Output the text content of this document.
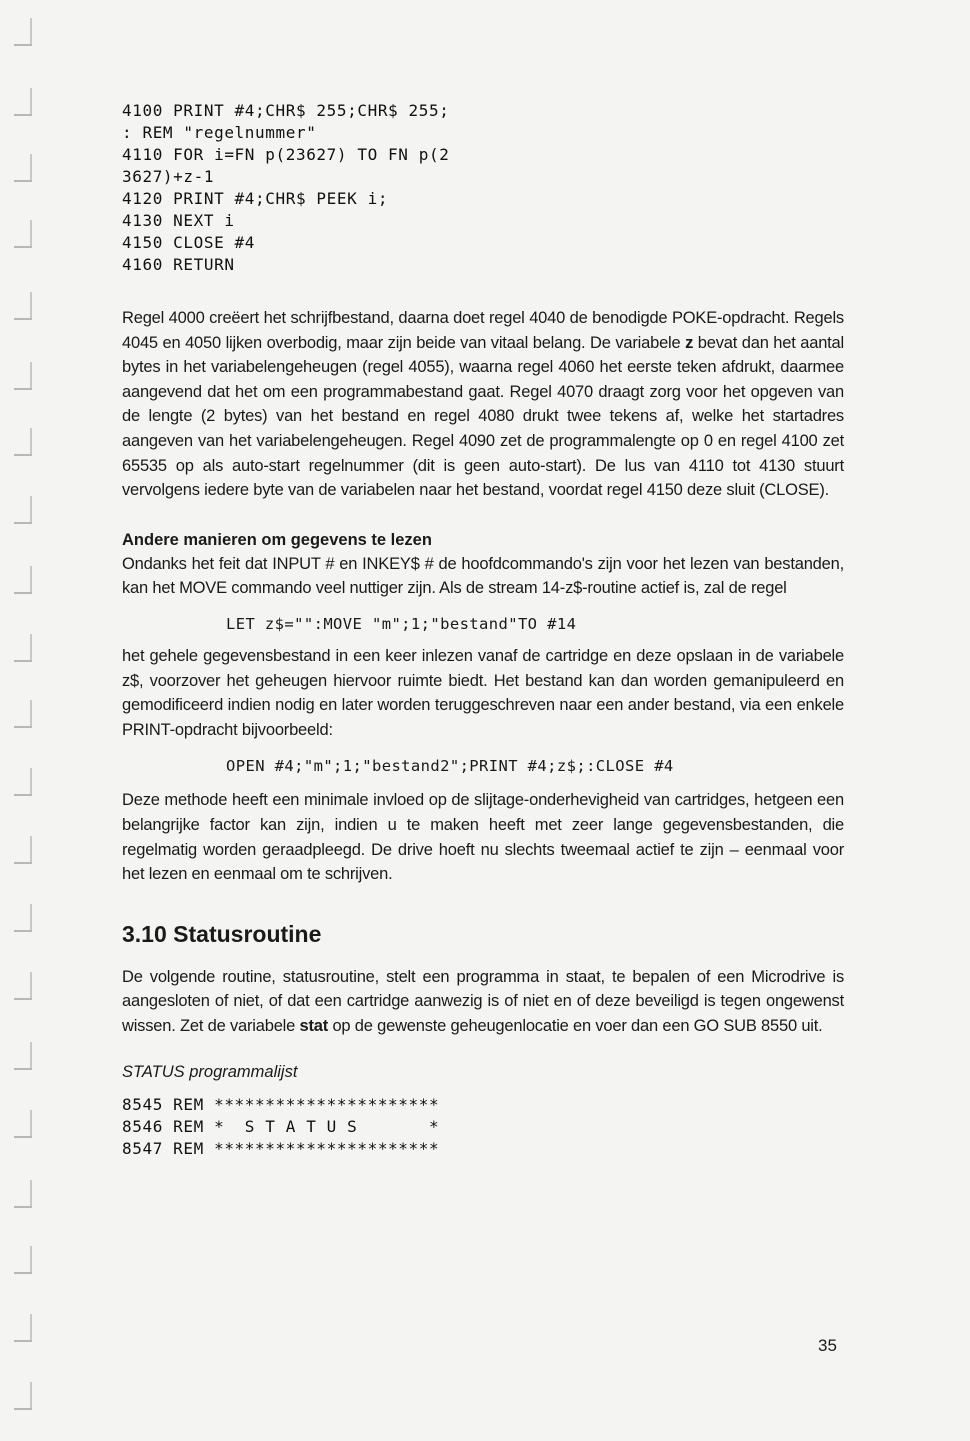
4100 PRINT #4;CHR$ 255;CHR$ 255;
: REM "regelnummer"
4110 FOR i=FN p(23627) TO FN p(2
3627)+z-1
4120 PRINT #4;CHR$ PEEK i;
4130 NEXT i
4150 CLOSE #4
4160 RETURN

Regel 4000 creëert het schrijfbestand, daarna doet regel 4040 de benodigde POKE-opdracht. Regels 4045 en 4050 lijken overbodig, maar zijn beide van vitaal belang. De variabele z bevat dan het aantal bytes in het variabelengeheugen (regel 4055), waarna regel 4060 het eerste teken afdrukt, daarmee aangevend dat het om een programmabestand gaat. Regel 4070 draagt zorg voor het opgeven van de lengte (2 bytes) van het bestand en regel 4080 drukt twee tekens af, welke het startadres aangeven van het variabelengeheugen. Regel 4090 zet de programmalengte op 0 en regel 4100 zet 65535 op als auto-start regelnummer (dit is geen auto-start). De lus van 4110 tot 4130 stuurt vervolgens iedere byte van de variabelen naar het bestand, voordat regel 4150 deze sluit (CLOSE).

Andere manieren om gegevens te lezen

Ondanks het feit dat INPUT # en INKEY$ # de hoofdcommando's zijn voor het lezen van bestanden, kan het MOVE commando veel nuttiger zijn. Als de stream 14-z$-routine actief is, zal de regel

LET z$="":MOVE "m";1;"bestand"TO #14

het gehele gegevensbestand in een keer inlezen vanaf de cartridge en deze opslaan in de variabele z$, voorzover het geheugen hiervoor ruimte biedt. Het bestand kan dan worden gemanipuleerd en gemodificeerd indien nodig en later worden teruggeschreven naar een ander bestand, via een enkele PRINT-opdracht bijvoorbeeld:

OPEN #4;"m";1;"bestand2";PRINT #4;z$;:CLOSE #4

Deze methode heeft een minimale invloed op de slijtage-onderhevigheid van cartridges, hetgeen een belangrijke factor kan zijn, indien u te maken heeft met zeer lange gegevensbestanden, die regelmatig worden geraadpleegd. De drive hoeft nu slechts tweemaal actief te zijn – eenmaal voor het lezen en eenmaal om te schrijven.

3.10 Statusroutine

De volgende routine, statusroutine, stelt een programma in staat, te bepalen of een Microdrive is aangesloten of niet, of dat een cartridge aanwezig is of niet en of deze beveiligd is tegen ongewenst wissen. Zet de variabele stat op de gewenste geheugenlocatie en voer dan een GO SUB 8550 uit.

STATUS programmalijst
8545 REM **********************
8546 REM *  S T A T U S       *
8547 REM **********************
35
